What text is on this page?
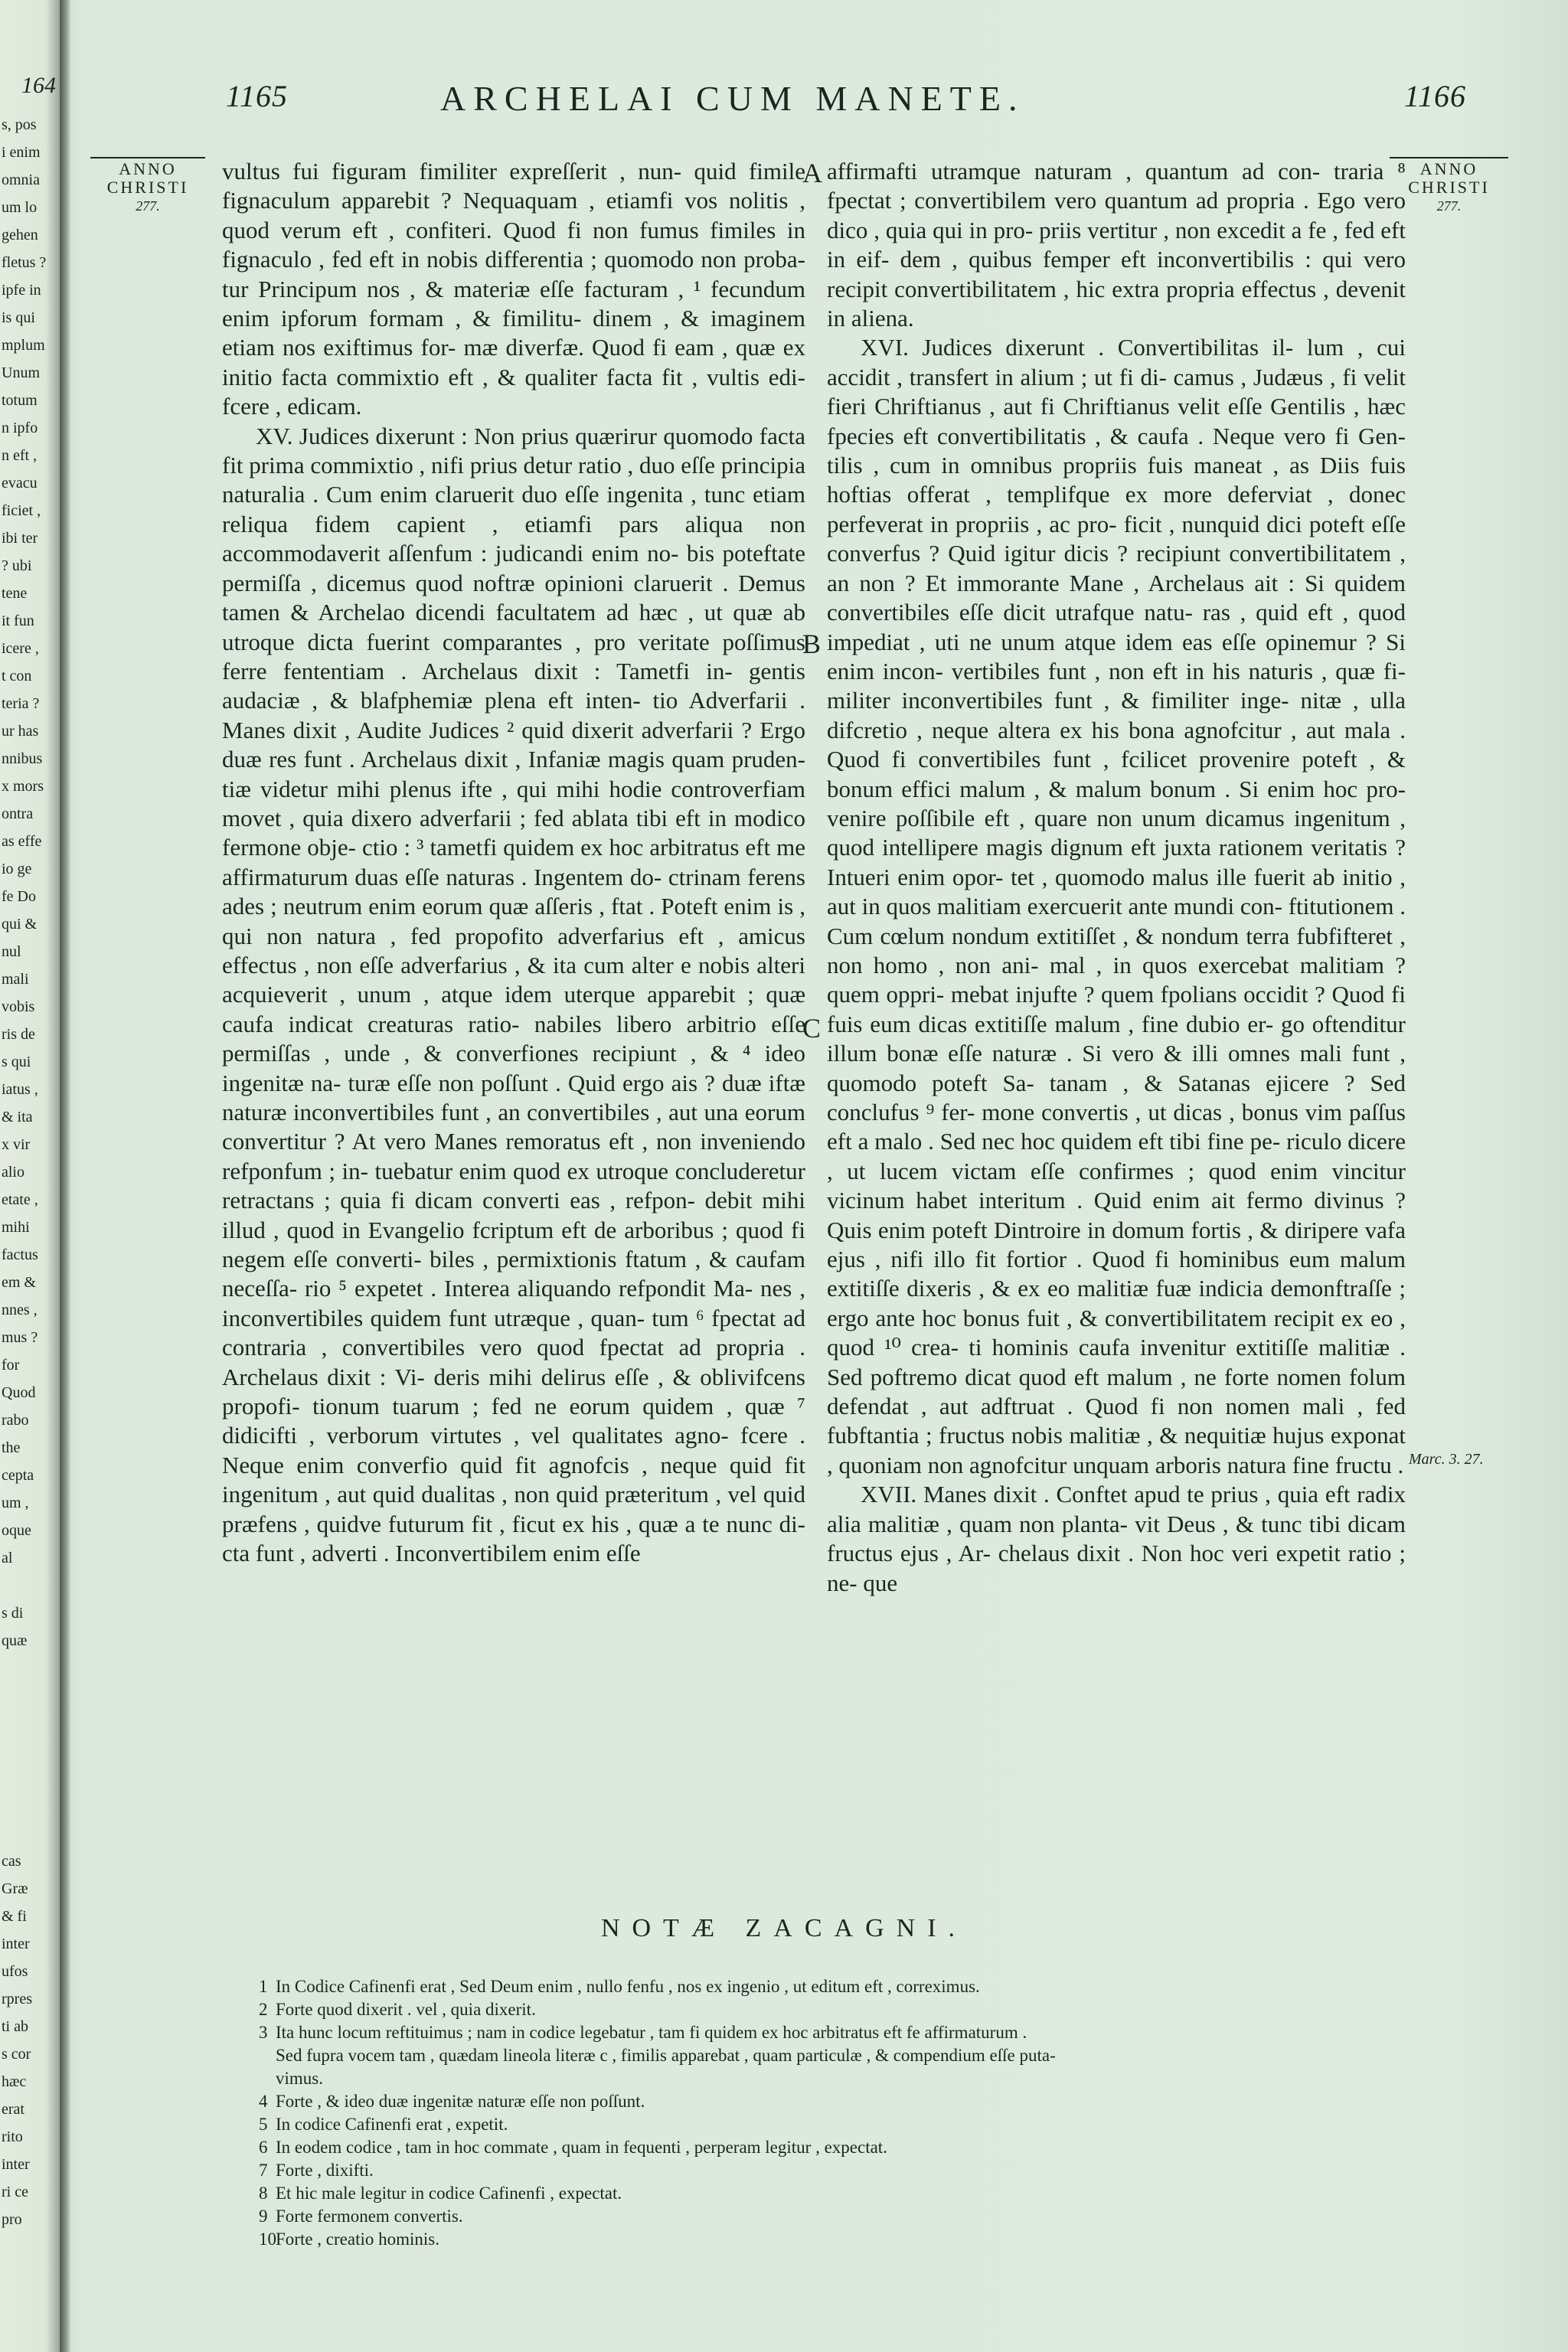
164
s, pos
i enim
omnia
um lo
gehen
fletus ?
ipfe in
is qui
mplum
Unum
totum
n ipfo
n eft ,
evacu
ficiet ,
ibi ter
? ubi
tene
it fun
icere ,
t con
teria ?
ur has
nnibus
x mors
ontra
as effe
io ge
fe Do
qui &
nul
mali
vobis
ris de
s qui
iatus ,
& ita
x vir
alio
etate ,
mihi
factus
em &
nnes ,
mus ?
for
Quod
rabo
the
cepta
um ,
oque
al

s di
quæ

cas
Græ
& fi
inter
ufos
rpres
ti ab
s cor
hæc
erat
rito
inter
ri ce
pro
1165	ARCHELAI CUM MANETE.	1166
ANNO
CHRISTI
277.
ANNO
CHRISTI
277.

vultus fui figuram fimiliter expreſſerit , nun- quid fimile fignaculum apparebit ? Nequaquam , etiamfi vos nolitis , quod verum eft , confiteri. Quod fi non fumus fimiles in fignaculo , fed eft in nobis differentia ; quomodo non proba- tur Principum nos , & materiæ eſſe facturam , ¹ fecundum enim ipforum formam , & fimilitu- dinem , & imaginem etiam nos exiftimus for- mæ diverfæ. Quod fi eam , quæ ex initio facta commixtio eft , & qualiter facta fit , vultis edi- fcere , edicam.

XV. Judices dixerunt : Non prius quærirur quomodo facta fit prima commixtio , nifi prius detur ratio , duo eſſe principia naturalia . Cum enim claruerit duo eſſe ingenita , tunc etiam reliqua fidem capient , etiamfi pars aliqua non accommodaverit aſſenfum : judicandi enim no- bis poteftate permiſſa , dicemus quod noftræ opinioni claruerit . Demus tamen & Archelao dicendi facultatem ad hæc , ut quæ ab utroque dicta fuerint comparantes , pro veritate poſſimus ferre fententiam . Archelaus dixit : Tametfi in- gentis audaciæ , & blafphemiæ plena eft inten- tio Adverfarii . Manes dixit , Audite Judices ² quid dixerit adverfarii ? Ergo duæ res funt . Archelaus dixit , Infaniæ magis quam pruden- tiæ videtur mihi plenus ifte , qui mihi hodie controverfiam movet , quia dixero adverfarii ; fed ablata tibi eft in modico fermone obje- ctio : ³ tametfi quidem ex hoc arbitratus eft me affirmaturum duas eſſe naturas . Ingentem do- ctrinam ferens ades ; neutrum enim eorum quæ aſſeris , ftat . Poteft enim is , qui non natura , fed propofito adverfarius eft , amicus effectus , non eſſe adverfarius , & ita cum alter e nobis alteri acquieverit , unum , atque idem uterque apparebit ; quæ caufa indicat creaturas ratio- nabiles libero arbitrio eſſe permiſſas , unde , & converfiones recipiunt , & ⁴ ideo ingenitæ na- turæ eſſe non poſſunt . Quid ergo ais ? duæ iftæ naturæ inconvertibiles funt , an convertibiles , aut una eorum convertitur ? At vero Manes remoratus eft , non inveniendo refponfum ; in- tuebatur enim quod ex utroque concluderetur retractans ; quia fi dicam converti eas , refpon- debit mihi illud , quod in Evangelio fcriptum eft de arboribus ; quod fi negem eſſe converti- biles , permixtionis ftatum , & caufam neceſſa- rio ⁵ expetet . Interea aliquando refpondit Ma- nes , inconvertibiles quidem funt utræque , quan- tum ⁶ fpectat ad contraria , convertibiles vero quod fpectat ad propria . Archelaus dixit : Vi- deris mihi delirus eſſe , & oblivifcens propofi- tionum tuarum ; fed ne eorum quidem , quæ ⁷ didicifti , verborum virtutes , vel qualitates agno- fcere . Neque enim converfio quid fit agnofcis , neque quid fit ingenitum , aut quid dualitas , non quid præteritum , vel quid præfens , quidve futurum fit , ficut ex his , quæ a te nunc di- cta funt , adverti . Inconvertibilem enim eſſe

affirmafti utramque naturam , quantum ad con- traria ⁸ fpectat ; convertibilem vero quantum ad propria . Ego vero dico , quia qui in pro- priis vertitur , non excedit a fe , fed eft in eif- dem , quibus femper eft inconvertibilis : qui vero recipit convertibilitatem , hic extra propria effectus , devenit in aliena.

XVI. Judices dixerunt . Convertibilitas il- lum , cui accidit , transfert in alium ; ut fi di- camus , Judæus , fi velit fieri Chriftianus , aut fi Chriftianus velit eſſe Gentilis , hæc fpecies eft convertibilitatis , & caufa . Neque vero fi Gen- tilis , cum in omnibus propriis fuis maneat , as Diis fuis hoftias offerat , templifque ex more deferviat , donec perfeverat in propriis , ac pro- ficit , nunquid dici poteft eſſe converfus ? Quid igitur dicis ? recipiunt convertibilitatem , an non ? Et immorante Mane , Archelaus ait : Si quidem convertibiles eſſe dicit utrafque natu- ras , quid eft , quod impediat , uti ne unum atque idem eas eſſe opinemur ? Si enim incon- vertibiles funt , non eft in his naturis , quæ fi- militer inconvertibiles funt , & fimiliter inge- nitæ , ulla difcretio , neque altera ex his bona agnofcitur , aut mala . Quod fi convertibiles funt , fcilicet provenire poteft , & bonum effici malum , & malum bonum . Si enim hoc pro- venire poſſibile eft , quare non unum dicamus ingenitum , quod intellipere magis dignum eft juxta rationem veritatis ? Intueri enim opor- tet , quomodo malus ille fuerit ab initio , aut in quos malitiam exercuerit ante mundi con- ftitutionem . Cum cœlum nondum extitiſſet , & nondum terra fubfifteret , non homo , non ani- mal , in quos exercebat malitiam ? quem oppri- mebat injufte ? quem fpolians occidit ? Quod fi fuis eum dicas extitiſſe malum , fine dubio er- go oftenditur illum bonæ eſſe naturæ . Si vero & illi omnes mali funt , quomodo poteft Sa- tanam , & Satanas ejicere ? Sed conclufus ⁹ fer- mone convertis , ut dicas , bonus vim paſſus eft a malo . Sed nec hoc quidem eft tibi fine pe- riculo dicere , ut lucem victam eſſe confirmes ; quod enim vincitur vicinum habet interitum . Quid enim ait fermo divinus ? Quis enim poteft Dintroire in domum fortis , & diripere vafa ejus , nifi illo fit fortior . Quod fi hominibus eum malum extitiſſe dixeris , & ex eo malitiæ fuæ indicia demonftraſſe ; ergo ante hoc bonus fuit , & convertibilitatem recipit ex eo , quod ¹⁰ crea- ti hominis caufa invenitur extitiſſe malitiæ . Sed poftremo dicat quod eft malum , ne forte nomen folum defendat , aut adftruat . Quod fi non nomen mali , fed fubftantia ; fructus nobis malitiæ , & nequitiæ hujus exponat , quoniam non agnofcitur unquam arboris natura fine fructu .

XVII. Manes dixit . Conftet apud te prius , quia eft radix alia malitiæ , quam non planta- vit Deus , & tunc tibi dicam fructus ejus , Ar- chelaus dixit . Non hoc veri expetit ratio ; ne- que

A
B
C
Marc. 3. 27.
NOTÆ ZACAGNI.
1 In Codice Cafinenfi erat , Sed Deum enim , nullo fenfu , nos ex ingenio , ut editum eft , correximus.
2 Forte quod dixerit . vel , quia dixerit.
3 Ita hunc locum reftituimus ; nam in codice legebatur , tam fi quidem ex hoc arbitratus eft fe affirmaturum .
Sed fupra vocem tam , quædam lineola literæ c , fimilis apparebat , quam particulæ , & compendium eſſe puta-
vimus.
4 Forte , & ideo duæ ingenitæ naturæ eſſe non poſſunt.
5 In codice Cafinenfi erat , expetit.
6 In eodem codice , tam in hoc commate , quam in fequenti , perperam legitur , expectat.
7 Forte , dixifti.
8 Et hic male legitur in codice Cafinenfi , expectat.
9 Forte fermonem convertis.
10Forte , creatio hominis.
